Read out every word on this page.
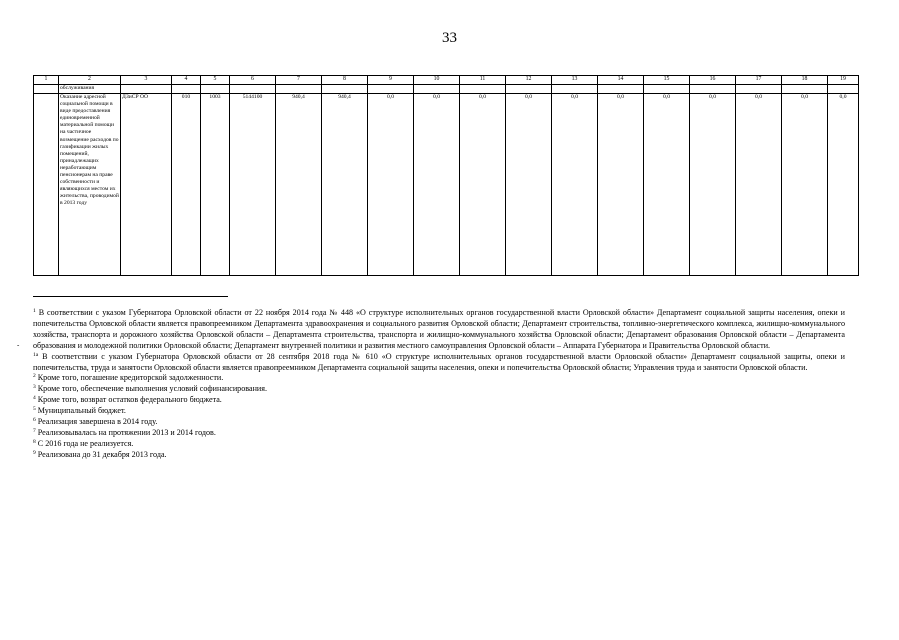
33
1	2	3	4	5	6	7	8	9	10	11	12	13	14	15	16	17	18	19
	обслуживания																	
	Оказание адресной социальной помощи в виде предоставления единовременной материальной помощи на частичное возмещение расходов по газификации жилых помещений, принадлежащих неработающим пенсионерам на праве собственности и являющихся местом их жительства, проводимой в 2013 году	ДЗиСР ОО	010	1003	5144100	940,4	940,4	0,0	0,0	0,0	0,0	0,0	0,0	0,0	0,0	0,0	0,0	0,0
-

$^1$ В соответствии с указом Губернатора Орловской области от 22 ноября 2014 года № 448 «О структуре исполнительных органов государственной власти Орловской области» Департамент социальной защиты населения, опеки и попечительства Орловской области является правопреемником Департамента здравоохранения и социального развития Орловской области; Департамент строительства, топливно-энергетического комплекса, жилищно-коммунального хозяйства, транспорта и дорожного хозяйства Орловской области – Департамента строительства, транспорта и жилищно-коммунального хозяйства Орловской области; Департамент образования Орловской области – Департамента образования и молодежной политики Орловской области; Департамент внутренней политики и развития местного самоуправления Орловской области – Аппарата Губернатора и Правительства Орловской области.

$^{1a}$ В соответствии с указом Губернатора Орловской области от 28 сентября 2018 года № 610 «О структуре исполнительных органов государственной власти Орловской области» Департамент социальной защиты, опеки и попечительства, труда и занятости Орловской области является правопреемником Департамента социальной защиты населения, опеки и попечительства Орловской области; Управления труда и занятости Орловской области.

$^2$ Кроме того, погашение кредиторской задолженности.

$^3$ Кроме того, обеспечение выполнения условий софинансирования.

$^4$ Кроме того, возврат остатков федерального бюджета.

$^5$ Муниципальный бюджет.

$^6$ Реализация завершена в 2014 году.

$^7$ Реализовывалась на протяжении 2013 и 2014 годов.

$^8$ С 2016 года не реализуется.

$^9$ Реализована до 31 декабря 2013 года.
